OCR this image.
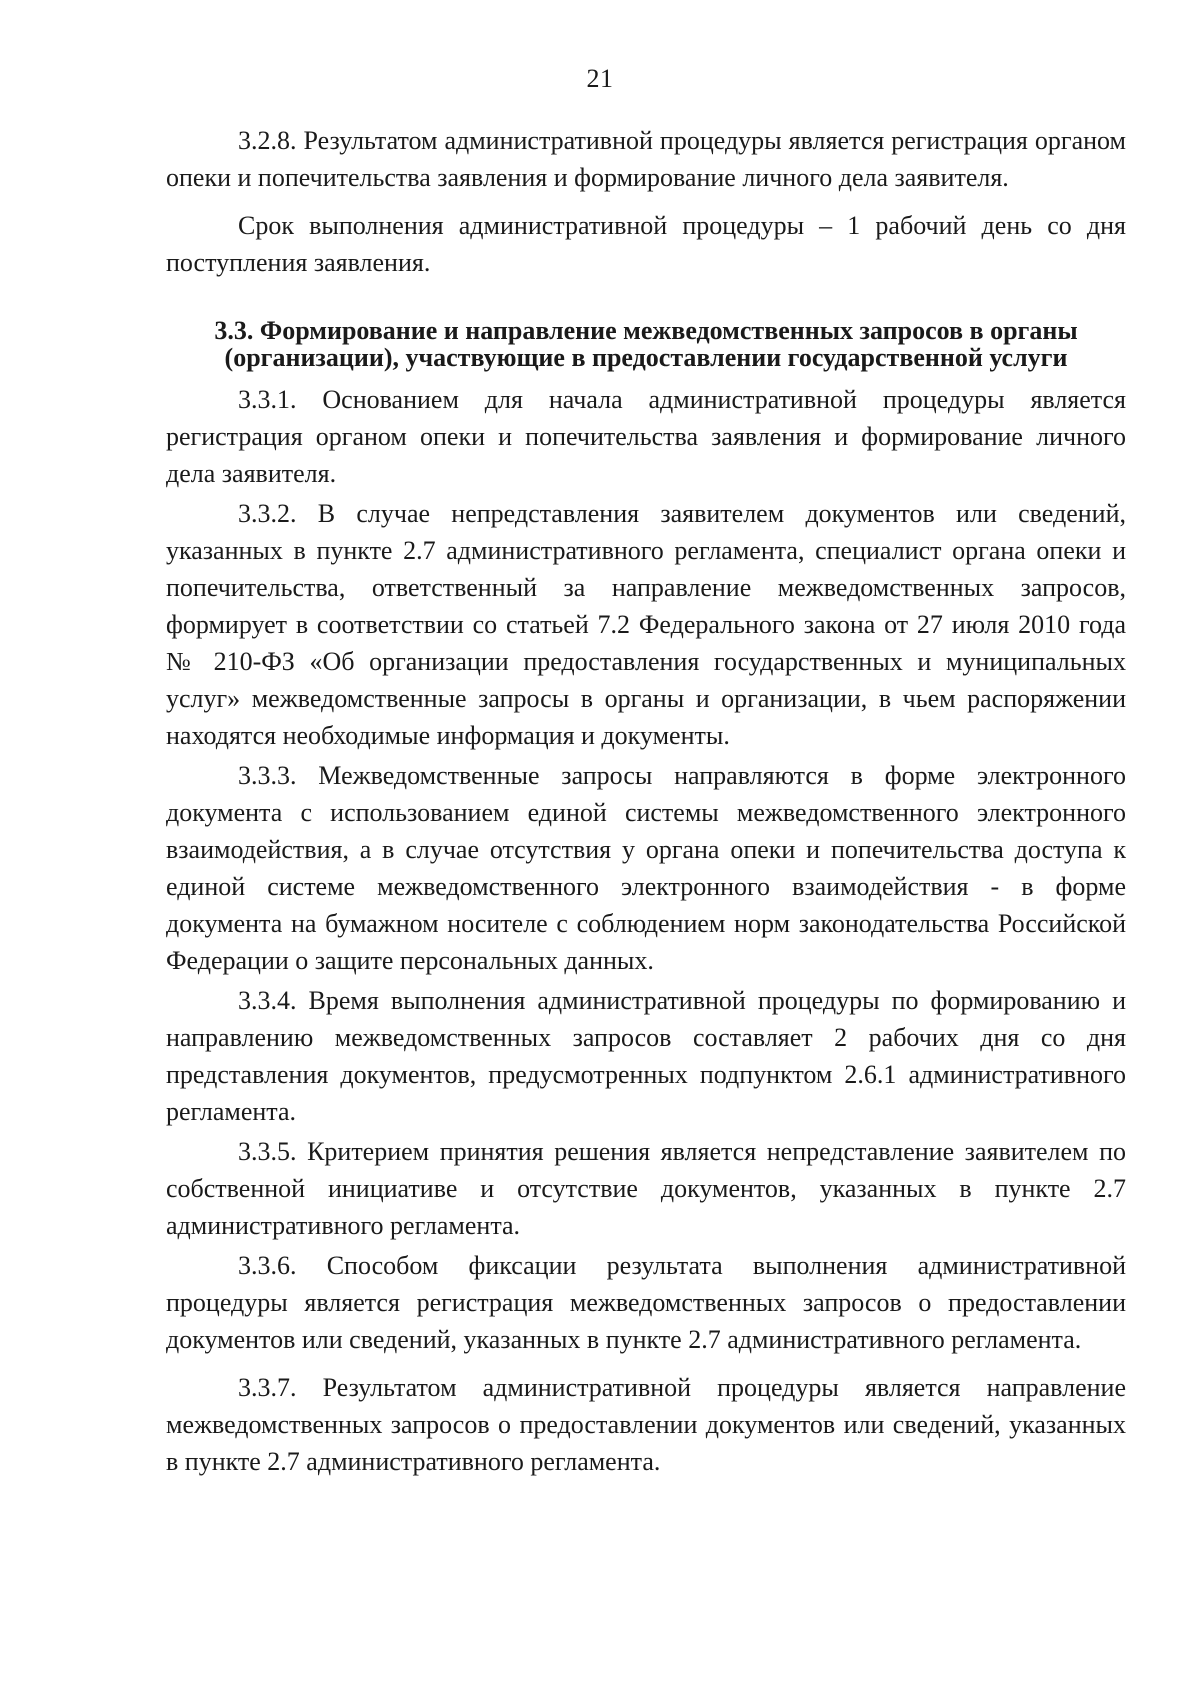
21

3.2.8. Результатом административной процедуры является регистрация органом опеки и попечительства заявления и формирование личного дела заявителя.

Срок выполнения административной процедуры – 1 рабочий день со дня поступления заявления.

3.3. Формирование и направление межведомственных запросов в органы (организации), участвующие в предоставлении государственной услуги

3.3.1. Основанием для начала административной процедуры является регистрация органом опеки и попечительства заявления и формирование личного дела заявителя.

3.3.2. В случае непредставления заявителем документов или сведений, указанных в пункте 2.7 административного регламента, специалист органа опеки и попечительства, ответственный за направление межведомственных запросов, формирует в соответствии со статьей 7.2 Федерального закона от 27 июля 2010 года № 210-ФЗ «Об организации предоставления государственных и муниципальных услуг» межведомственные запросы в органы и организации, в чьем распоряжении находятся необходимые информация и документы.

3.3.3. Межведомственные запросы направляются в форме электронного документа с использованием единой системы межведомственного электронного взаимодействия, а в случае отсутствия у органа опеки и попечительства доступа к единой системе межведомственного электронного взаимодействия - в форме документа на бумажном носителе с соблюдением норм законодательства Российской Федерации о защите персональных данных.

3.3.4. Время выполнения административной процедуры по формированию и направлению межведомственных запросов составляет 2 рабочих дня со дня представления документов, предусмотренных подпунктом 2.6.1 административного регламента.

3.3.5. Критерием принятия решения является непредставление заявителем по собственной инициативе и отсутствие документов, указанных в пункте 2.7 административного регламента.

3.3.6. Способом фиксации результата выполнения административной процедуры является регистрация межведомственных запросов о предоставлении документов или сведений, указанных в пункте 2.7 административного регламента.

3.3.7. Результатом административной процедуры является направление межведомственных запросов о предоставлении документов или сведений, указанных в пункте 2.7 административного регламента.
